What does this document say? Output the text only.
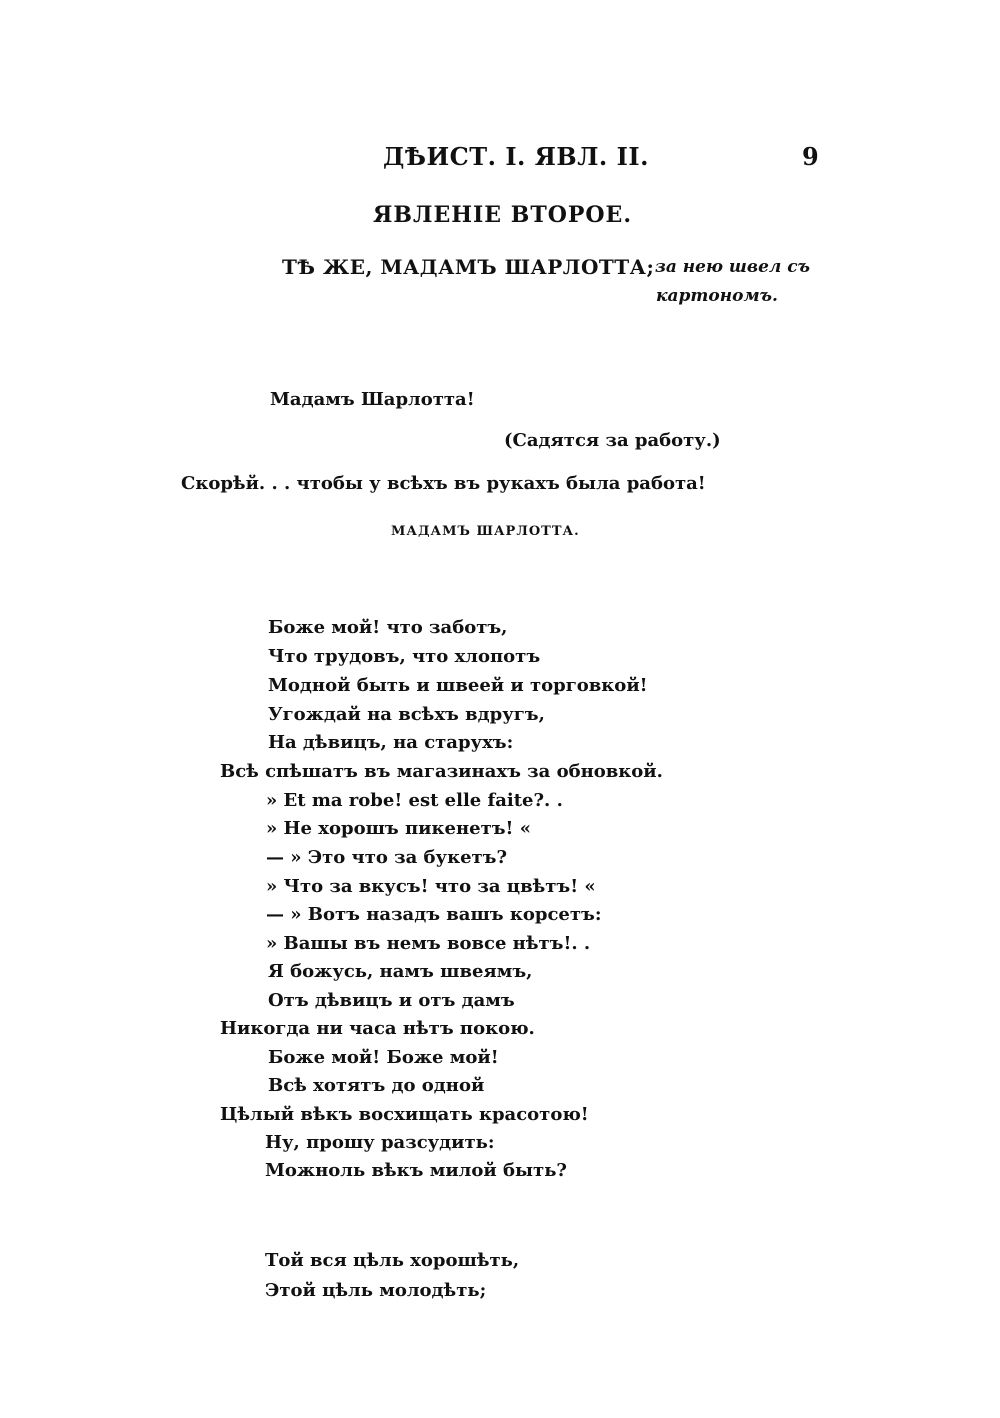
ДѢИСТ. I. ЯВЛ. II.	9
ЯВЛЕНІЕ ВТОРОЕ.
ТѢ ЖЕ, МАДАМЪ ШАРЛОТТА; за нею швел съ
картономъ.
Мадамъ Шарлотта!
(Садятся за работу.)
Скорѣй. . . чтобы у всѣхъ въ рукахъ была работа!
МАДАМЪ ШАРЛОТТА.
Боже мой! что заботъ,
Что трудовъ, что хлопотъ
Модной быть и швеей и торговкой!
Угождай на всѣхъ вдругъ,
На дѣвицъ, на старухъ:
Всѣ спѣшатъ въ магазинахъ за обновкой.
» Et ma robe! est elle faite?. .
» Не хорошъ пикенетъ! «
— » Это что за букетъ?
» Что за вкусъ! что за цвѣтъ! «
— » Вотъ назадъ вашъ корсетъ:
» Вашы въ немъ вовсе нѣтъ!. .
Я божусь, намъ швеямъ,
Отъ дѣвицъ и отъ дамъ
Никогда ни часа нѣтъ покою.
Боже мой! Боже мой!
Всѣ хотятъ до одной
Цѣлый вѣкъ восхищать красотою!
Ну, прошу разсудить:
Можноль вѣкъ милой быть?
Той вся цѣль хорошѣть,
Этой цѣль молодѣть;
